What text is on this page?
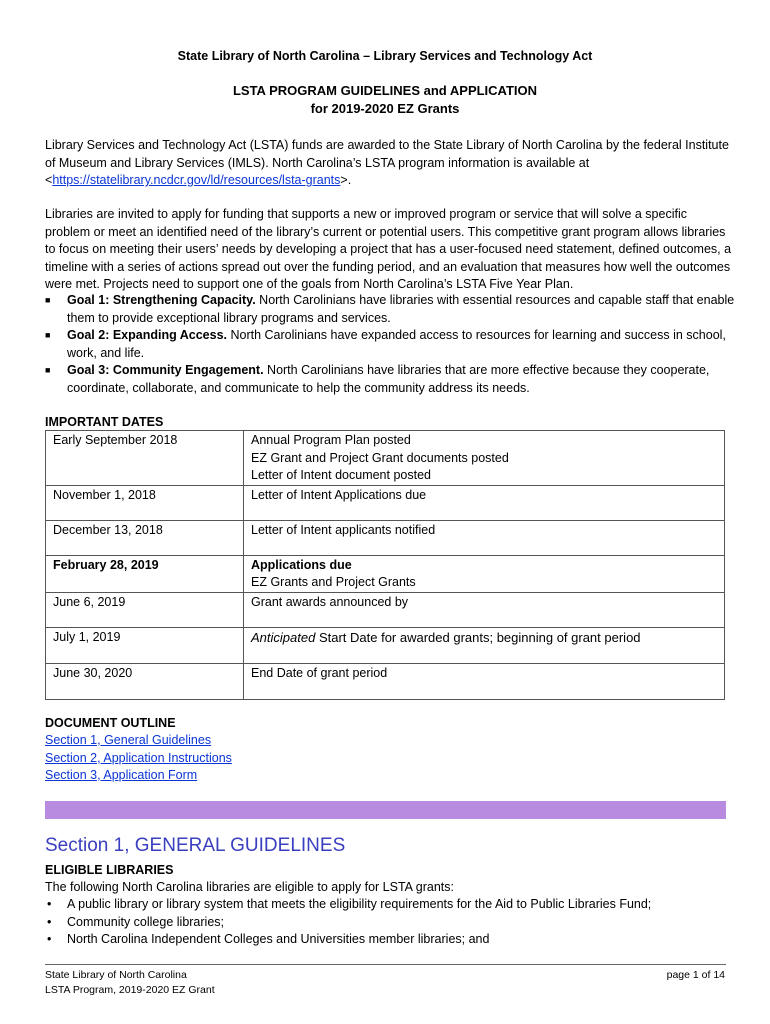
State Library of North Carolina – Library Services and Technology Act
LSTA PROGRAM GUIDELINES and APPLICATION
for 2019-2020 EZ Grants
Library Services and Technology Act (LSTA) funds are awarded to the State Library of North Carolina by the federal Institute of Museum and Library Services (IMLS). North Carolina’s LSTA program information is available at <https://statelibrary.ncdcr.gov/ld/resources/lsta-grants>.
Libraries are invited to apply for funding that supports a new or improved program or service that will solve a specific problem or meet an identified need of the library’s current or potential users. This competitive grant program allows libraries to focus on meeting their users’ needs by developing a project that has a user-focused need statement, defined outcomes, a timeline with a series of actions spread out over the funding period, and an evaluation that measures how well the outcomes were met. Projects need to support one of the goals from North Carolina’s LSTA Five Year Plan.
■ Goal 1: Strengthening Capacity. North Carolinians have libraries with essential resources and capable staff that enable them to provide exceptional library programs and services.
■ Goal 2: Expanding Access. North Carolinians have expanded access to resources for learning and success in school, work, and life.
■ Goal 3: Community Engagement. North Carolinians have libraries that are more effective because they cooperate, coordinate, collaborate, and communicate to help the community address its needs.
IMPORTANT DATES
Early September 2018	Annual Program Plan posted
EZ Grant and Project Grant documents posted
Letter of Intent document posted

November 1, 2018	Letter of Intent Applications due

December 13, 2018	Letter of Intent applicants notified

February 28, 2019	Applications due
EZ Grants and Project Grants

June 6, 2019	Grant awards announced by

July 1, 2019	Anticipated Start Date for awarded grants; beginning of grant period
June 30, 2020	End Date of grant period
DOCUMENT OUTLINE
Section 1, General Guidelines
Section 2, Application Instructions
Section 3, Application Form
Section 1, GENERAL GUIDELINES
ELIGIBLE LIBRARIES
The following North Carolina libraries are eligible to apply for LSTA grants:
• A public library or library system that meets the eligibility requirements for the Aid to Public Libraries Fund;
• Community college libraries;
• North Carolina Independent Colleges and Universities member libraries; and
State Library of North Carolina
LSTA Program, 2019-2020 EZ Grant
page 1 of 14
